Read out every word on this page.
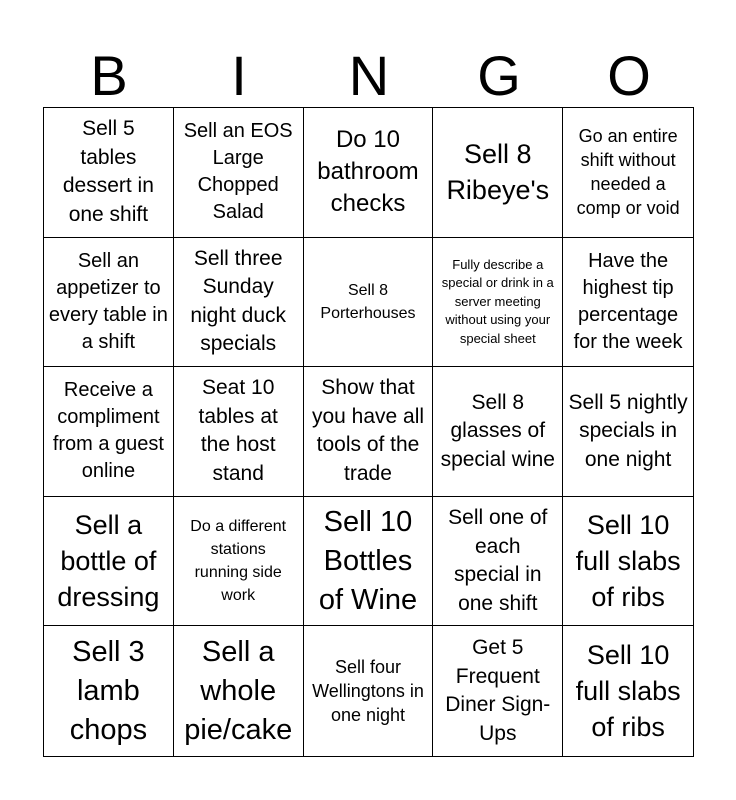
B	I	N	G	O
Sell 5 tables dessert in one shift
Sell an EOS Large Chopped Salad
Do 10 bathroom checks
Sell 8 Ribeye's
Go an entire shift without needed a comp or void
Sell an appetizer to every table in a shift
Sell three Sunday night duck specials
Sell 8 Porterhouses
Fully describe a special or drink in a server meeting without using your special sheet
Have the highest tip percentage for the week
Receive a compliment from a guest online
Seat 10 tables at the host stand
Show that you have all tools of the trade
Sell 8 glasses of special wine
Sell 5 nightly specials in one night
Sell a bottle of dressing
Do a different stations running side work
Sell 10 Bottles of Wine
Sell one of each special in one shift
Sell 10 full slabs of ribs
Sell 3 lamb chops
Sell a whole pie/cake
Sell four Wellingtons in one night
Get 5 Frequent Diner Sign-Ups
Sell 10 full slabs of ribs
